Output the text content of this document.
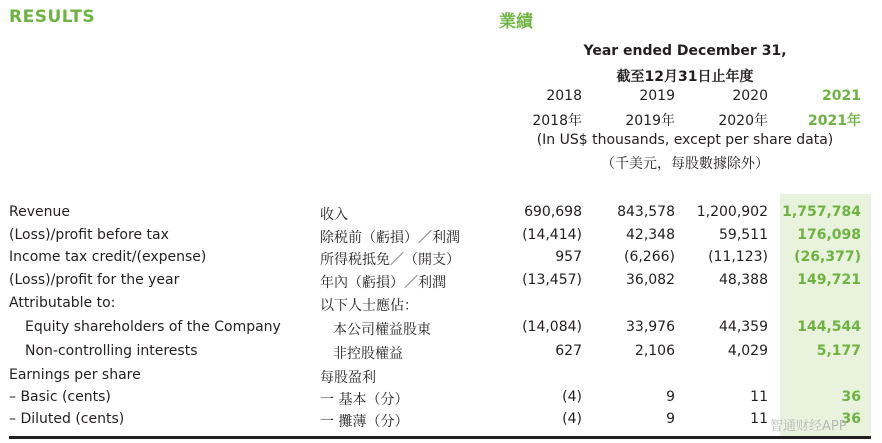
RESULTS	業績
Year ended December 31,
截至12月31日止年度
2018	2019	2020	2021
2018年	2019年	2020年	2021年
(In US$ thousands, except per share data)
（千美元，每股數據除外）
Revenue	收入	690,698	843,578	1,200,902	1,757,784
(Loss)/profit before tax	除税前（虧損）／利潤	(14,414)	42,348	59,511	176,098
Income tax credit/(expense)	所得税抵免／（開支）	957	(6,266)	(11,123)	(26,377)
(Loss)/profit for the year	年內（虧損）／利潤	(13,457)	36,082	48,388	149,721
Attributable to:	以下人士應佔：
Equity shareholders of the Company	本公司權益股東	(14,084)	33,976	44,359	144,544
Non-controlling interests	非控股權益	627	2,106	4,029	5,177
Earnings per share	每股盈利
– Basic (cents)	一 基本（分）	(4)	9	11	36
– Diluted (cents)	一 攤薄（分）	(4)	9	11	36
智通财经APP
